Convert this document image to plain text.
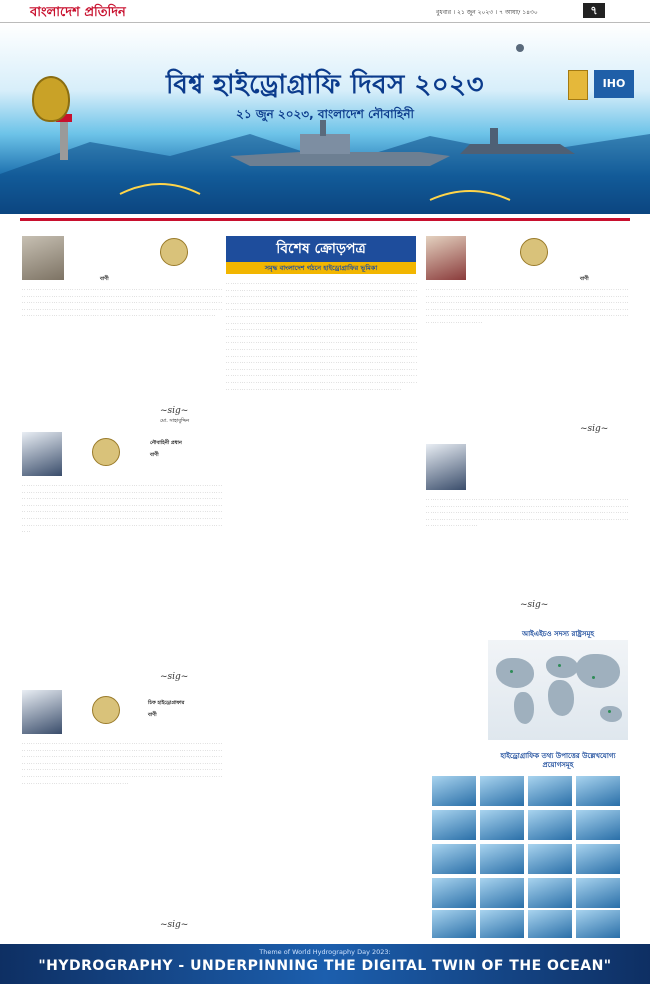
বাংলাদেশ প্রতিদিন	বুধবার । ২১ জুন ২০২৩ । ৭ আষাঢ় ১৪৩০	৭
বিশ্ব হাইড্রোগ্রাফি দিবস ২০২৩
২১ জুন ২০২৩, বাংলাদেশ নৌবাহিনী
IHO
বাণী

. . . . . . . . . . . . . . . . . . . . . . . . . . . . . . . . . . . . . . . . . . . . . . . . . . . . . . . . . . . . . . . . . . . . . . . . . . . . . . . . . . . . . . . . . . . . . . . . . . . . . . . . . . . . . . . . . . . . . . . . . . . . . . . . . . . . . . . . . . . . . . . . . . . . . . . . . . . . . . . . . . . . . . . . . . . . . . . . . . . . . . . . . . . . . . . . . . . . . . . . . . . . . . . . . . . . . . . . . . . . . . . . . . . . . . . . . . . . . . . . . . . . . . . . . . . . . . . . . . . . . . . . . . . . . . . . . . . . . . . . . . . . . . . . . . . . . . . . . . . . . . . . . . . . . . . . . . . . . . . . . . . . . . . . . . . . . . . . . . . . . . . . . . . . . . . . . . . . . . . . . . . . . . . . . . . . . . . . . . . . . . . . . . . . . . . . . . . . . . . . . . . . . . . . . . . . . . . . . . . . . . . . . . . . . . . . . . . . .

~sig~
মো. সাহাবুদ্দিন
নৌবাহিনী প্রধান
বাণী

. . . . . . . . . . . . . . . . . . . . . . . . . . . . . . . . . . . . . . . . . . . . . . . . . . . . . . . . . . . . . . . . . . . . . . . . . . . . . . . . . . . . . . . . . . . . . . . . . . . . . . . . . . . . . . . . . . . . . . . . . . . . . . . . . . . . . . . . . . . . . . . . . . . . . . . . . . . . . . . . . . . . . . . . . . . . . . . . . . . . . . . . . . . . . . . . . . . . . . . . . . . . . . . . . . . . . . . . . . . . . . . . . . . . . . . . . . . . . . . . . . . . . . . . . . . . . . . . . . . . . . . . . . . . . . . . . . . . . . . . . . . . . . . . . . . . . . . . . . . . . . . . . . . . . . . . . . . . . . . . . . . . . . . . . . . . . . . . . . . . . . . . . . . . . . . . . . . . . . . . . . . . . . . . . . . . . . . . . . . . . . . . . . . . . . . . . . . . . . . . . . . . . . . . . . . . . . . . . . . . . . . . . . . . . . . . . . . . . . . . . . . . . . . . . . . . . . . . . . . . . . . . . . . . . . . . . . . . . . . . . . . . . . . . . . . . . . . . . . . . . . . . . . . . . . . . . . . . . . . . . . . . . . . . . . . . . . . . . . . . . . . . . . . . . . . . . . . . . . . . . . . . . . . . . . . . . . . . . . . . . . . . . . . . . . . . . . . . . . . . . . . . . . . . . . . . . . . . . . . .

~sig~
চিফ হাইড্রোগ্রাফার
বাণী

. . . . . . . . . . . . . . . . . . . . . . . . . . . . . . . . . . . . . . . . . . . . . . . . . . . . . . . . . . . . . . . . . . . . . . . . . . . . . . . . . . . . . . . . . . . . . . . . . . . . . . . . . . . . . . . . . . . . . . . . . . . . . . . . . . . . . . . . . . . . . . . . . . . . . . . . . . . . . . . . . . . . . . . . . . . . . . . . . . . . . . . . . . . . . . . . . . . . . . . . . . . . . . . . . . . . . . . . . . . . . . . . . . . . . . . . . . . . . . . . . . . . . . . . . . . . . . . . . . . . . . . . . . . . . . . . . . . . . . . . . . . . . . . . . . . . . . . . . . . . . . . . . . . . . . . . . . . . . . . . . . . . . . . . . . . . . . . . . . . . . . . . . . . . . . . . . . . . . . . . . . . . . . . . . . . . . . . . . . . . . . . . . . . . . . . . . . . . . . . . . . . . . . . . . . . . . . . . . . . . . . . . . . . . . . . . . . . . . . . . . . . . . . . . . . . . . . . . . . . . . . . . . . . . . . . . . . . . . . . . . . . . . . . . . . . . . . . . . . . . . . . . . . . . . . . . . . . . . . . . . . . . . . . . . . . . . . . . . . . . . . . . . . . . . . . . . . . . . . . . . . . . . . . . . . . . . . .

~sig~
বিশেষ ক্রোড়পত্র
সমৃদ্ধ বাংলাদেশ গঠনে হাইড্রোগ্রাফির ভূমিকা

. . . . . . . . . . . . . . . . . . . . . . . . . . . . . . . . . . . . . . . . . . . . . . . . . . . . . . . . . . . . . . . . . . . . . . . . . . . . . . . . . . . . . . . . . . . . . . . . . . . . . . . . . . . . . . . . . . . . . . . . . . . . . . . . . . . . . . . . . . . . . . . . . . . . . . . . . . . . . . . . . . . . . . . . . . . . . . . . . . . . . . . . . . . . . . . . . . . . . . . . . . . . . . . . . . . . . . . . . . . . . . . . . . . . . . . . . . . . . . . . . . . . . . . . . . . . . . . . . . . . . . . . . . . . . . . . . . . . . . . . . . . . . . . . . . . . . . . . . . . . . . . . . . . . . . . . . . . . . . . . . . . . . . . . . . . . . . . . . . . . . . . . . . . . . . . . . . . . . . . . . . . . . . . . . . . . . . . . . . . . . . . . . . . . . . . . . . . . . . . . . . . . . . . . . . . . . . . . . . . . . . . . . . . . . . . . . . . . . . . . . . . . . . . . . . . . . . . . . . . . . . . . . . . . . . . . . . . . . . . . . . . . . . . . . . . . . . . . . . . . . . . . . . . . . . . . . . . . . . . . . . . . . . . . . . . . . . . . . . . . . . . . . . . . . . . . . . . . . . . . . . . . . . . . . . . . . . . . . . . . . . . . . . . . . . . . . . . . . . . . . . . . . . . . . . . . . . . . . . . . . . . . . . . . . . . . . . . . . . . . . . . . . . . . . . . . . . . . . . . . . . . . . . . . . . . . . . . . . . . . . . . . . . . . . . . . . . . . . . . . . . . . . . . . . . . . . . . . . . . . . . . . . . . . . . . . . . . . . . . . . . . . . . . . . . . . . . . . . . . . . . . . . . . . . . . . . . . . . . . . . . . . . . . . . . . . . . . . . . . . . . . . . . . . . . . . . . . . . . . . . . . . . . . . . . . . . . . . . . . . . . . . . . . . . . . . . . . . . . . . . . . . . . . . . . . . . . . . . . . . . . . . . . . . . . . . . . . . . . . . . . . . . . . . . . . . . . . . . . . . . . . . . . . . . . . . . . . . . . . . . . . . . . . . . . . . . . . . . . . . . . . . . . . . . . . . . . . . . . . . . . . . . . . . . . . . . . . . . . . . . . . . . . . . . . . . . . . . . . . . . . . . . . . . . . . . . . . . . . . . . . . . . . . . . . . . . . . . . . . . . . . . . . . . . . . . . . . . . . . . . . . . . . . . . . . . . . . . . . . . . . . . . . . . . . . . . . . . . . . . . . . . . . . . . . . . . . . . . . . . . . . . . . . . . . . . . . . . . . . . . . . . . . . . . . . . . . . . . . . . . . . . . . . . . . . . . . . . . . . . . . . . . . . . . . . . . . . . . . . . . . . . . . . . . . . . . . . . . . . . . . . . . . . . . . . . . . . . . . . . . . . . . . . . . . . . . . . . . . . . . . . . . . . . . . . . . . . . . . . . . . . . . . . . . . . . . . . . . . . . . . . . . . . . . . . . . . . . . . . . . . . . . . . . . . . . . . . . . . . . . . . . . . . . . . . . . . . . . . . . . . . . . . . . . . . . . . . . . . . . . . . . . . . . . . . . . . . . . . . . .

বাণী

. . . . . . . . . . . . . . . . . . . . . . . . . . . . . . . . . . . . . . . . . . . . . . . . . . . . . . . . . . . . . . . . . . . . . . . . . . . . . . . . . . . . . . . . . . . . . . . . . . . . . . . . . . . . . . . . . . . . . . . . . . . . . . . . . . . . . . . . . . . . . . . . . . . . . . . . . . . . . . . . . . . . . . . . . . . . . . . . . . . . . . . . . . . . . . . . . . . . . . . . . . . . . . . . . . . . . . . . . . . . . . . . . . . . . . . . . . . . . . . . . . . . . . . . . . . . . . . . . . . . . . . . . . . . . . . . . . . . . . . . . . . . . . . . . . . . . . . . . . . . . . . . . . . . . . . . . . . . . . . . . . . . . . . . . . . . . . . . . . . . . . . . . . . . . . . . . . . . . . . . . . . . . . . . . . . . . . . . . . . . . . . . . . . . . . . . . . . . . . . . . . . . . . . . . . . . . . . . . . . . . . . . . . . . . . . . . . . . . . . . . . . . . . . . . . . . . . . . . . . . . . . . . . . . . .

~sig~

. . . . . . . . . . . . . . . . . . . . . . . . . . . . . . . . . . . . . . . . . . . . . . . . . . . . . . . . . . . . . . . . . . . . . . . . . . . . . . . . . . . . . . . . . . . . . . . . . . . . . . . . . . . . . . . . . . . . . . . . . . . . . . . . . . . . . . . . . . . . . . . . . . . . . . . . . . . . . . . . . . . . . . . . . . . . . . . . . . . . . . . . . . . . . . . . . . . . . . . . . . . . . . . . . . . . . . . . . . . . . . . . . . . . . . . . . . . . . . . . . . . . . . . . . . . . . . . . . . . . . . . . . . . . . . . . . . . . . . . . . . . . . . . . . . . . . . . . . . . . . . . . . . . . . . . . . . . . . . . . . . . . . . . . . . . . . . . . . . . . . . . . . . . . . . . . . . . . . . . . . . . . . . . . . . . . . . . . . . .

~sig~
আইএইচও সদস্য রাষ্ট্রসমূহ
হাইড্রোগ্রাফিক তথ্য উপাত্তের উল্লেখযোগ্য প্রয়োগসমূহ
Theme of World Hydrography Day 2023:
"HYDROGRAPHY - UNDERPINNING THE DIGITAL TWIN OF THE OCEAN"
